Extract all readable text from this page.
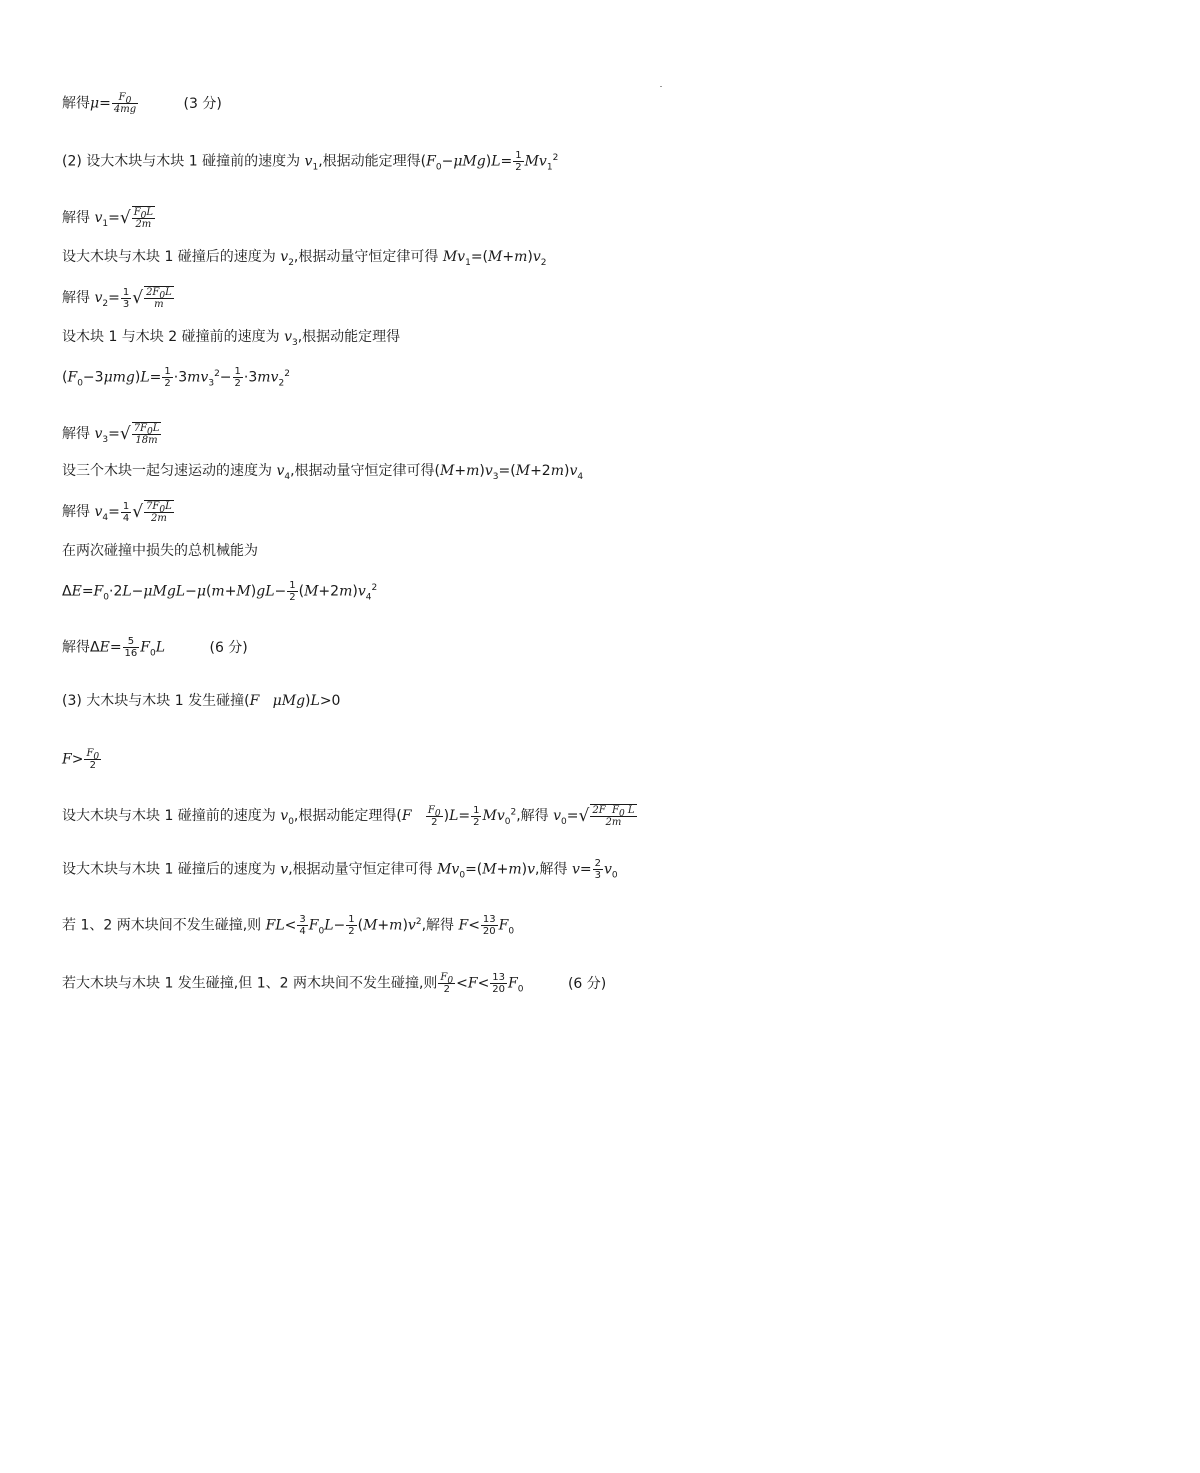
解得$\mu= \frac{F_0}{4mg}$	(3 分)
(2) 设大木块与木块 1 碰撞前的速度为 $v_1$,根据动能定理得$(F_0-\mu Mg)L= \frac{1}{2} Mv_1^2$
解得 $v_1=√ \frac{F_0L}{2m}$
设大木块与木块 1 碰撞后的速度为 $v_2$,根据动量守恒定律可得 $Mv_1=(M+m)v_2$
解得 $v_2= \frac{1}{3}$ √ $\frac{2F_0L}{m}$
设木块 1 与木块 2 碰撞前的速度为 $v_3$,根据动能定理得
$(F_0-3\mu mg)L= \frac{1}{2} \cdot 3mv_3^2- \frac{1}{2} \cdot 3mv_2^2$
解得 $v_3=√ \frac{7F_0L}{18m}$
设三个木块一起匀速运动的速度为 $v_4$,根据动量守恒定律可得$(M+m)v_3=(M+2m)v_4$
解得 $v_4= \frac{1}{4}$ √ $\frac{7F_0L}{2m}$
在两次碰撞中损失的总机械能为
$\Delta E=F_0\cdot 2L-\mu MgL-\mu(m+M)gL- \frac{1}{2} (M+2m)v_4^2$
解得$\Delta E= \frac{5}{16} F_0L$	(6 分)
(3) 大木块与木块 1 发生碰撞(F μMg)L>0
$F> \frac{F_0}{2}$
设大木块与木块 1 碰撞前的速度为 $v_0$,根据动能定理得$(F \frac{F_0}{2} )L= \frac{1}{2} Mv_0^2$,解得 $v_0=√ \frac{2F F_0 L}{2m}$
设大木块与木块 1 碰撞后的速度为 v,根据动量守恒定律可得 $Mv_0=(M+m)v$,解得 $v= \frac{2}{3} v_0$
若 1、2 两木块间不发生碰撞,则 $FL< \frac{3}{4} F_0L- \frac{1}{2} (M+m)v^2$,解得 $F< \frac{13}{20} F_0$
若大木块与木块 1 发生碰撞,但 1、2 两木块间不发生碰撞,则 $\frac{F_0}{2} <F< \frac{13}{20} F_0$	(6 分)
